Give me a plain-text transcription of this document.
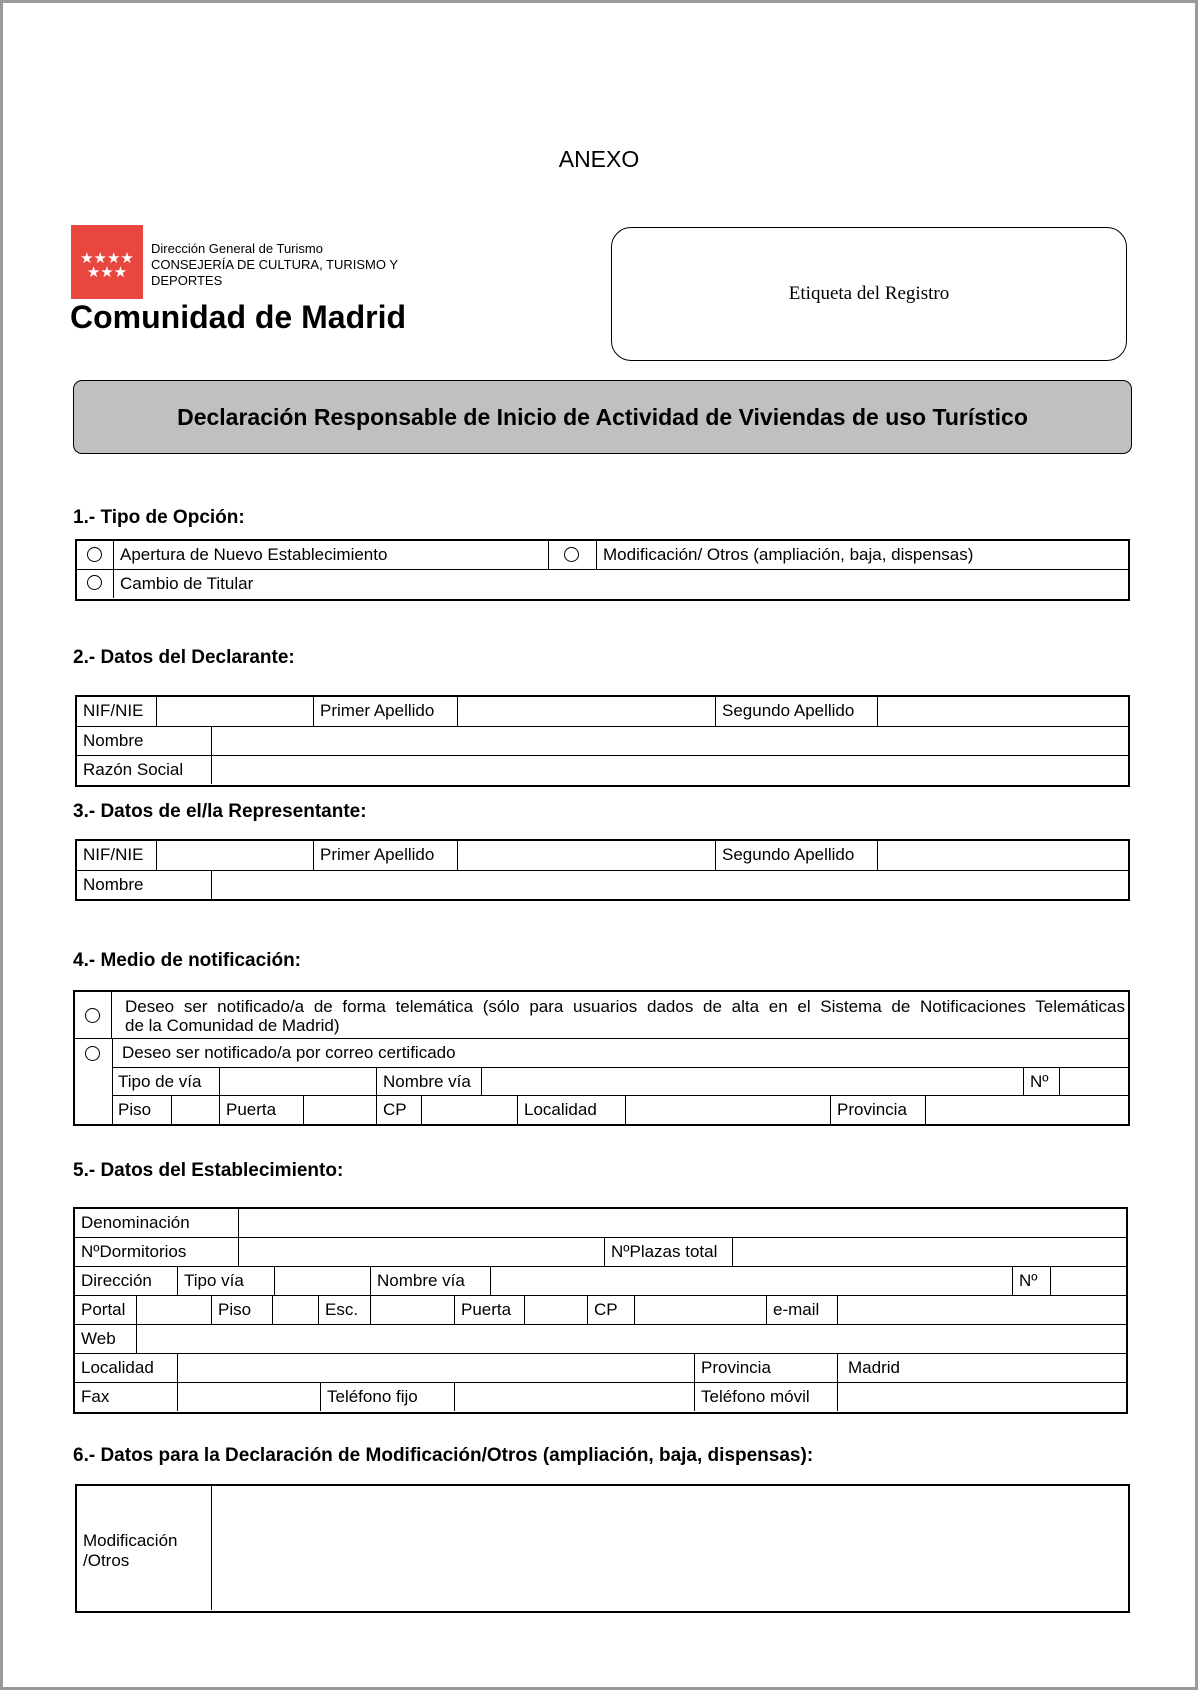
ANEXO
★★★★
★★★
Dirección General de Turismo
CONSEJERÍA DE CULTURA, TURISMO Y
DEPORTES
Comunidad de Madrid
Etiqueta del Registro
Declaración Responsable de Inicio de Actividad de Viviendas de uso Turístico
1.- Tipo de Opción:
Apertura de Nuevo Establecimiento	Modificación/ Otros (ampliación, baja, dispensas)
Cambio de Titular
2.- Datos del Declarante:
NIF/NIE	Primer Apellido	Segundo Apellido
Nombre
Razón Social
3.- Datos de el/la Representante:
NIF/NIE	Primer Apellido	Segundo Apellido
Nombre
4.- Medio de notificación:
Deseo ser notificado/a de forma telemática (sólo para usuarios dados de alta en el Sistema de Notificaciones Telemáticas
de la Comunidad de Madrid)
Deseo ser notificado/a por correo certificado
Tipo de vía	Nombre vía	Nº
Piso	Puerta	CP	Localidad	Provincia
5.- Datos del Establecimiento:
Denominación
NºDormitorios	NºPlazas total
Dirección	Tipo vía	Nombre vía	Nº
Portal	Piso	Esc.	Puerta	CP	e-mail
Web
Localidad	Provincia	Madrid
Fax	Teléfono fijo	Teléfono móvil
6.- Datos para la Declaración de Modificación/Otros (ampliación, baja, dispensas):
Modificación
/Otros
